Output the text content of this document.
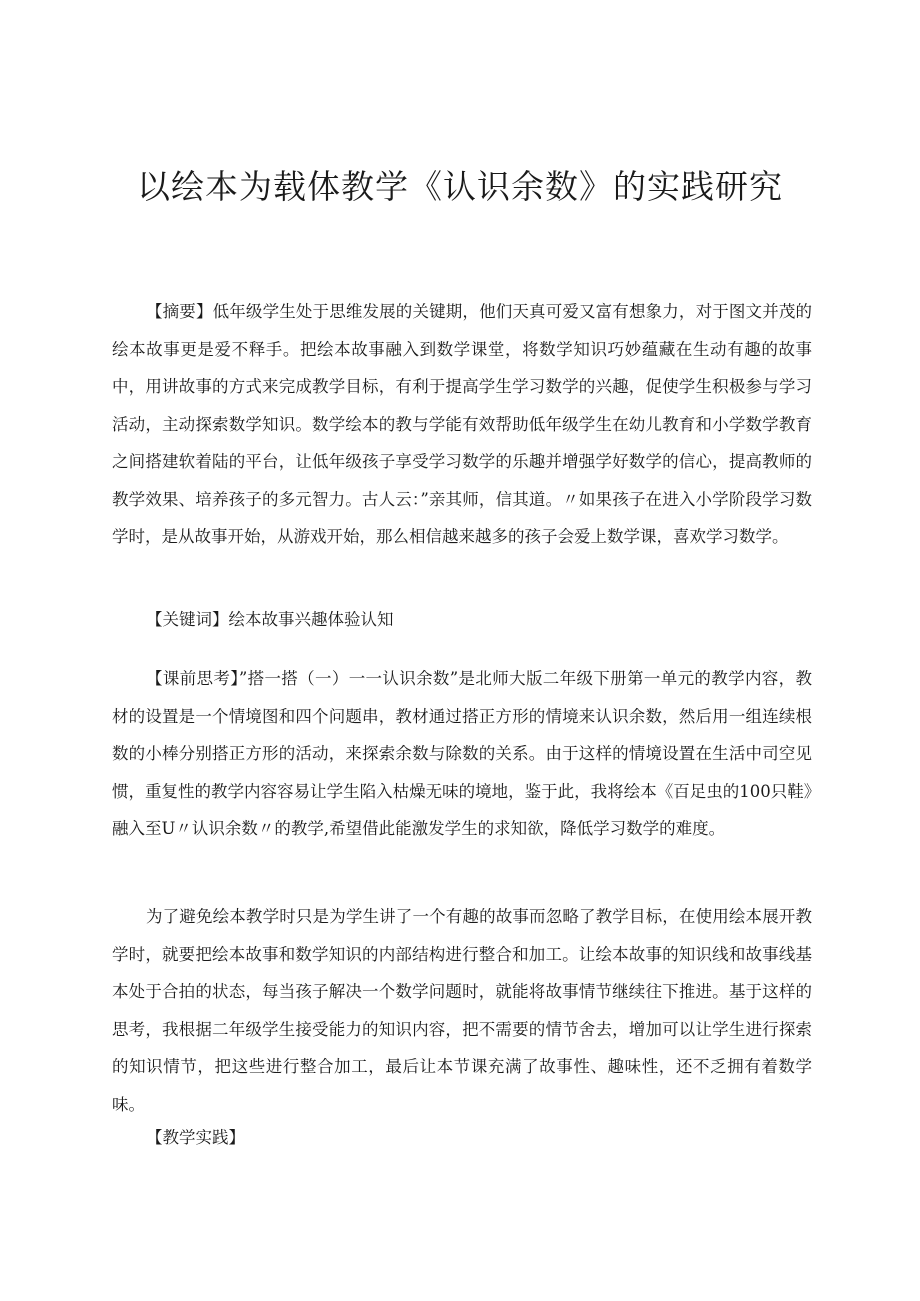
以绘本为载体教学《认识余数》的实践研究

【摘要】低年级学生处于思维发展的关键期，他们天真可爱又富有想象力，对于图文并茂的绘本故事更是爱不释手。把绘本故事融入到数学课堂，将数学知识巧妙蕴藏在生动有趣的故事中，用讲故事的方式来完成教学目标，有利于提高学生学习数学的兴趣，促使学生积极参与学习活动，主动探索数学知识。数学绘本的教与学能有效帮助低年级学生在幼儿教育和小学数学教育之间搭建软着陆的平台，让低年级孩子享受学习数学的乐趣并增强学好数学的信心，提高教师的教学效果、培养孩子的多元智力。古人云：”亲其师，信其道。〃如果孩子在进入小学阶段学习数学时，是从故事开始，从游戏开始，那么相信越来越多的孩子会爱上数学课，喜欢学习数学。

【关键词】绘本故事兴趣体验认知

【课前思考】”搭一搭（一）一一认识余数”是北师大版二年级下册第一单元的教学内容，教材的设置是一个情境图和四个问题串，教材通过搭正方形的情境来认识余数，然后用一组连续根数的小棒分别搭正方形的活动，来探索余数与除数的关系。由于这样的情境设置在生活中司空见惯，重复性的教学内容容易让学生陷入枯燥无味的境地，鉴于此，我将绘本《百足虫的100只鞋》融入至U〃认识余数〃的教学,希望借此能激发学生的求知欲，降低学习数学的难度。

为了避免绘本教学时只是为学生讲了一个有趣的故事而忽略了教学目标，在使用绘本展开教学时，就要把绘本故事和数学知识的内部结构进行整合和加工。让绘本故事的知识线和故事线基本处于合拍的状态，每当孩子解决一个数学问题时，就能将故事情节继续往下推进。基于这样的思考，我根据二年级学生接受能力的知识内容，把不需要的情节舍去，增加可以让学生进行探索的知识情节，把这些进行整合加工，最后让本节课充满了故事性、趣味性，还不乏拥有着数学味。

【教学实践】
